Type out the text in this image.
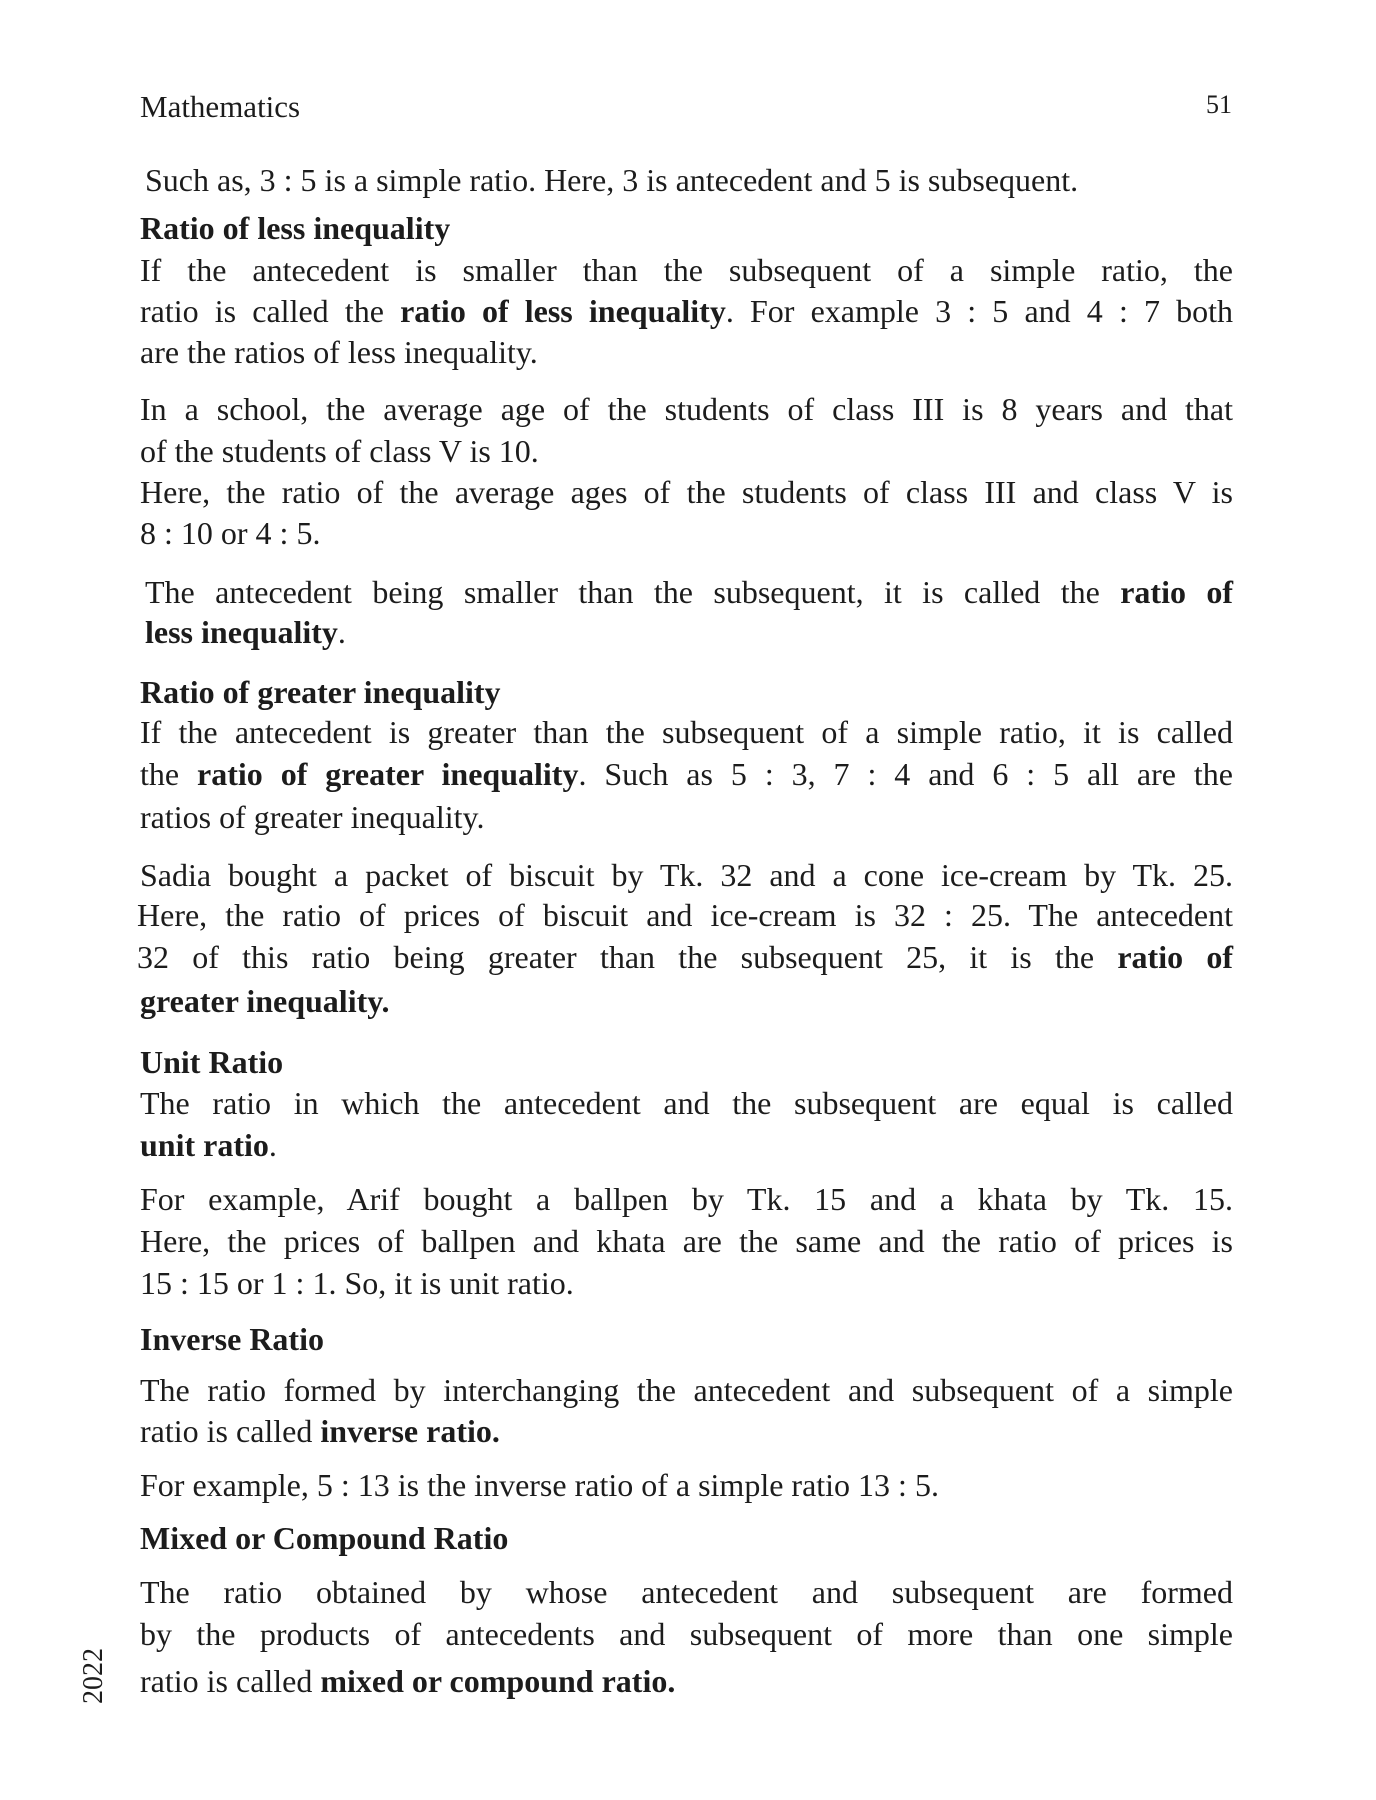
Mathematics	51
2022
Such as, 3 : 5 is a simple ratio. Here, 3 is antecedent and 5 is subsequent.
Ratio of less inequality
If the antecedent is smaller than the subsequent of a simple ratio, the
ratio is called the ratio of less inequality. For example 3 : 5 and 4 : 7 both
are the ratios of less inequality.
In a school, the average age of the students of class III is 8 years and that
of the students of class V is 10.
Here, the ratio of the average ages of the students of class III and class V is
8 : 10 or 4 : 5.
The antecedent being smaller than the subsequent, it is called the ratio of
less inequality.
Ratio of greater inequality
If the antecedent is greater than the subsequent of a simple ratio, it is called
the ratio of greater inequality. Such as 5 : 3, 7 : 4 and 6 : 5 all are the
ratios of greater inequality.
Sadia bought a packet of biscuit by Tk. 32 and a cone ice-cream by Tk. 25.
Here, the ratio of prices of biscuit and ice-cream is 32 : 25. The antecedent
32 of this ratio being greater than the subsequent 25, it is the ratio of
greater inequality.
Unit Ratio
The ratio in which the antecedent and the subsequent are equal is called
unit ratio.
For example, Arif bought a ballpen by Tk. 15 and a khata by Tk. 15.
Here, the prices of ballpen and khata are the same and the ratio of prices is
15 : 15 or 1 : 1. So, it is unit ratio.
Inverse Ratio
The ratio formed by interchanging the antecedent and subsequent of a simple
ratio is called inverse ratio.
For example, 5 : 13 is the inverse ratio of a simple ratio 13 : 5.
Mixed or Compound Ratio
The ratio obtained by whose antecedent and subsequent are formed
by the products of antecedents and subsequent of more than one simple
ratio is called mixed or compound ratio.
